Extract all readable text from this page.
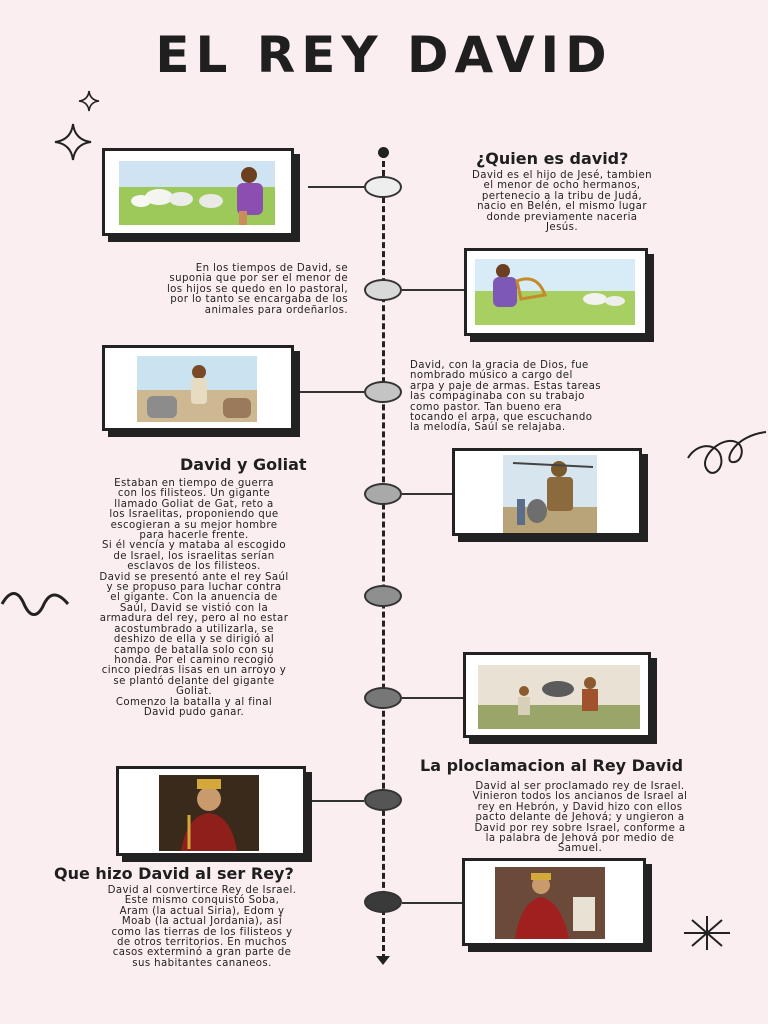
EL REY DAVID
¿Quien es david?
David es el hijo de Jesé, tambien
el menor de ocho hermanos,
pertenecio a la tribu de Judá,
nacio en Belén, el mismo lugar
donde previamente naceria
Jesús.
En los tiempos de David, se
suponia que por ser el menor de
los hijos se quedo en lo pastoral,
por lo tanto se encargaba de los
animales para ordeñarlos.
David, con la gracia de Dios, fue
nombrado músico a cargo del
arpa y paje de armas. Estas tareas
las compaginaba con su trabajo
como pastor. Tan bueno era
tocando el arpa, que escuchando
la melodía, Saúl se relajaba.
David y Goliat
Estaban en tiempo de guerra
con los filisteos. Un gigante
llamado Goliat de Gat, reto a
los Israelitas, proponiendo que
escogieran a su mejor hombre
para hacerle frente.
Si él vencía y mataba al escogido
de Israel, los israelitas serían
esclavos de los filisteos.
David se presentó ante el rey Saúl
y se propuso para luchar contra
el gigante. Con la anuencia de
Saúl, David se vistió con la
armadura del rey, pero al no estar
acostumbrado a utilizarla, se
deshizo de ella y se dirigió al
campo de batalla solo con su
honda. Por el camino recogió
cinco piedras lisas en un arroyo y
se plantó delante del gigante
Goliat.
Comenzo la batalla y al final
David pudo ganar.
La ploclamacion al Rey David
David al ser proclamado rey de Israel.
Vinieron todos los ancianos de Israel al
rey en Hebrón, y David hizo con ellos
pacto delante de Jehová; y ungieron a
David por rey sobre Israel, conforme a
la palabra de Jehová por medio de
Samuel.
Que hizo David al ser Rey?
David al convertirce Rey de Israel.
Este mismo conquistó Soba,
Aram (la actual Siria), Edom y
Moab (la actual Jordania), así
como las tierras de los filisteos y
de otros territorios. En muchos
casos exterminó a gran parte de
sus habitantes cananeos.
